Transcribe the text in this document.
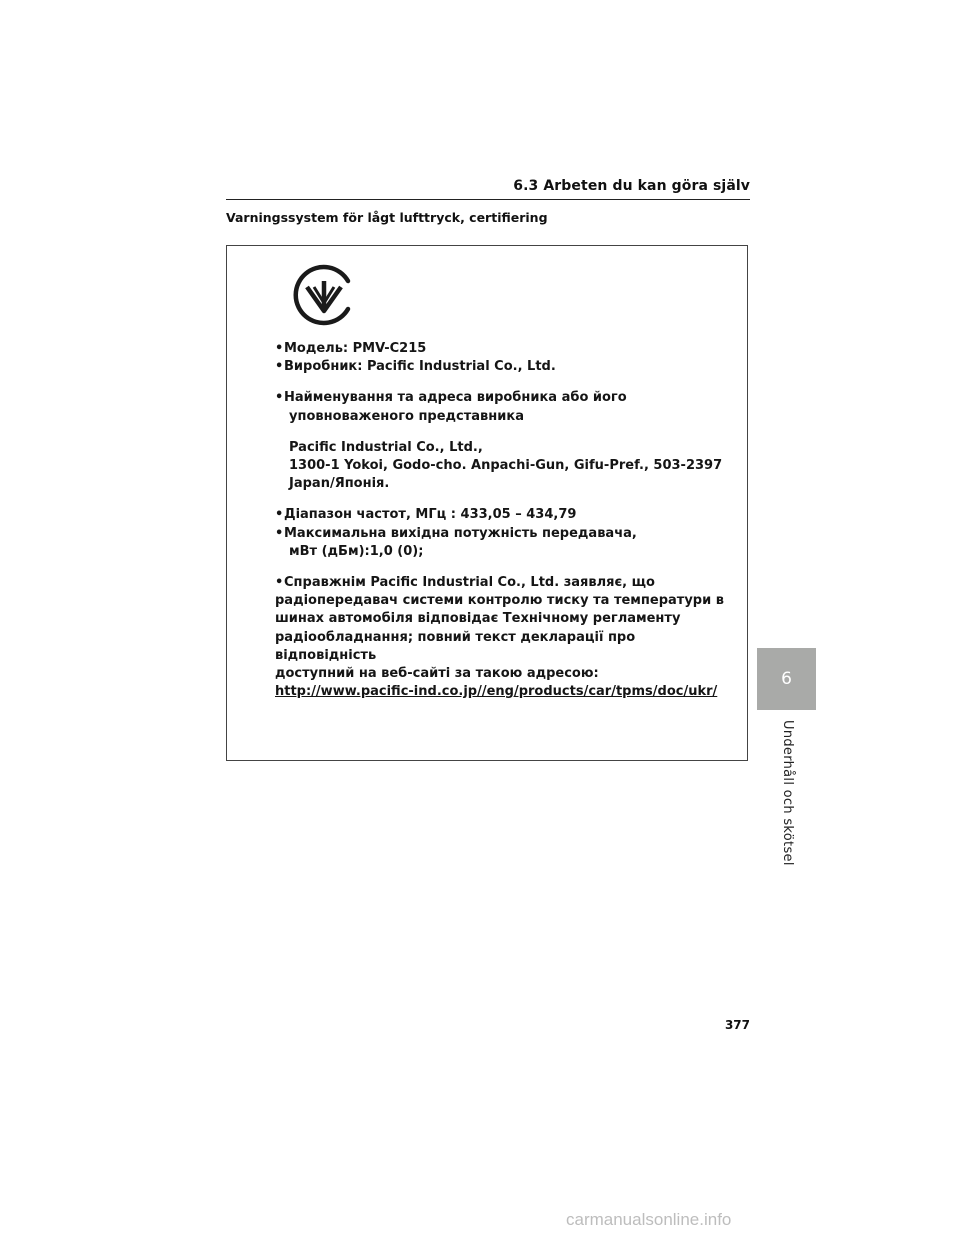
6.3 Arbeten du kan göra själv
Varningssystem för lågt lufttryck, certifiering

•Модель: PMV-C215

•Виробник: Pacific Industrial Co., Ltd.

•Найменування та адреса виробника або його

уповноваженого представника

Pacific Industrial Co., Ltd.,

1300-1 Yokoi, Godo-cho. Anpachi-Gun, Gifu-Pref., 503-2397

Japan/Японія.

•Діапазон частот, МГц : 433,05 – 434,79

•Максимальна вихідна потужність передавача,

мВт (дБм):1,0 (0);

•Справжнім Pacific Industrial Co., Ltd. заявляє, що

радіопередавач системи контролю тиску та температури в

шинах автомобіля відповідає Технічному регламенту

радіообладнання; повний текст декларації про відповідність

доступний на веб-сайті за такою адресою:

http://www.pacific-ind.co.jp//eng/products/car/tpms/doc/ukr/

6
Underhåll och skötsel
377
carmanualsonline.info
